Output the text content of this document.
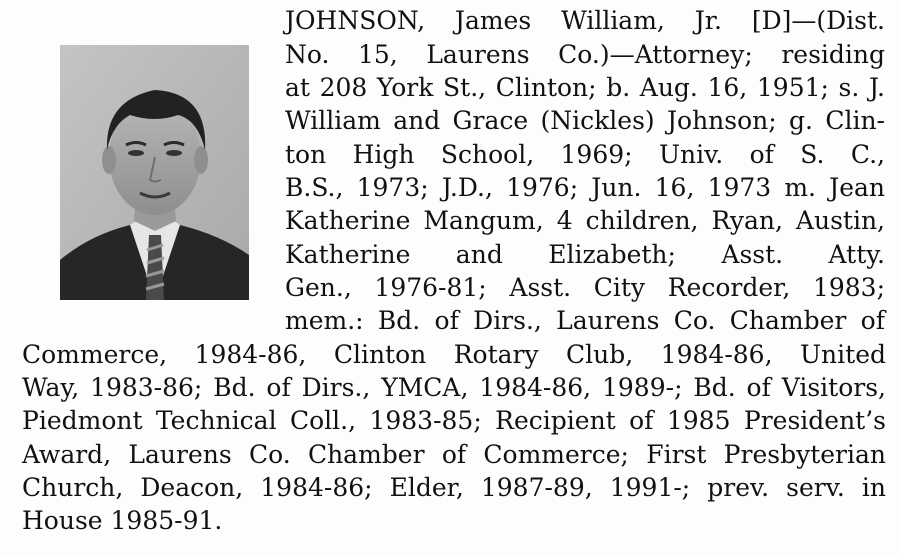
JOHNSON, James William, Jr. [D]—(Dist.
No. 15, Laurens Co.)—Attorney; residing
at 208 York St., Clinton; b. Aug. 16, 1951; s. J.
William and Grace (Nickles) Johnson; g. Clin-
ton High School, 1969; Univ. of S. C.,
B.S., 1973; J.D., 1976; Jun. 16, 1973 m. Jean
Katherine Mangum, 4 children, Ryan, Austin,
Katherine and Elizabeth; Asst. Atty.
Gen., 1976-81; Asst. City Recorder, 1983;
mem.: Bd. of Dirs., Laurens Co. Chamber of
Commerce, 1984-86, Clinton Rotary Club, 1984-86, United
Way, 1983-86; Bd. of Dirs., YMCA, 1984-86, 1989-; Bd. of Visitors,
Piedmont Technical Coll., 1983-85; Recipient of 1985 President’s
Award, Laurens Co. Chamber of Commerce; First Presbyterian
Church, Deacon, 1984-86; Elder, 1987-89, 1991-; prev. serv. in
House 1985-91.
